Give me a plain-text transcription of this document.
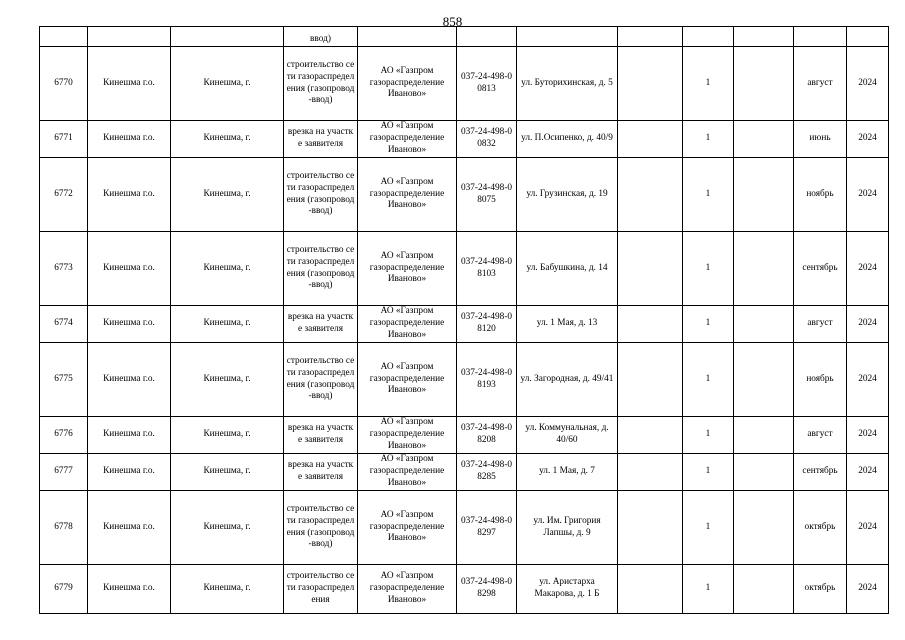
858

			ввод)								

6770	Кинешма г.о.	Кинешма, г.	строительство сети газораспределения (газопровод-ввод)	АО «Газпром газораспределение Иваново»	037-24-498-00813	ул. Буторихинская, д. 5		1		август	2024
6771	Кинешма г.о.	Кинешма, г.	врезка на участке заявителя	АО «Газпром газораспределение Иваново»	037-24-498-00832	ул. П.Осипенко, д. 40/9		1		июнь	2024
6772	Кинешма г.о.	Кинешма, г.	строительство сети газораспределения (газопровод-ввод)	АО «Газпром газораспределение Иваново»	037-24-498-08075	ул. Грузинская, д. 19		1		ноябрь	2024
6773	Кинешма г.о.	Кинешма, г.	строительство сети газораспределения (газопровод-ввод)	АО «Газпром газораспределение Иваново»	037-24-498-08103	ул. Бабушкина, д. 14		1		сентябрь	2024
6774	Кинешма г.о.	Кинешма, г.	врезка на участке заявителя	АО «Газпром газораспределение Иваново»	037-24-498-08120	ул. 1 Мая, д. 13		1		август	2024
6775	Кинешма г.о.	Кинешма, г.	строительство сети газораспределения (газопровод-ввод)	АО «Газпром газораспределение Иваново»	037-24-498-08193	ул. Загородная, д. 49/41		1		ноябрь	2024
6776	Кинешма г.о.	Кинешма, г.	врезка на участке заявителя	АО «Газпром газораспределение Иваново»	037-24-498-08208	ул. Коммунальная, д. 40/60		1		август	2024
6777	Кинешма г.о.	Кинешма, г.	врезка на участке заявителя	АО «Газпром газораспределение Иваново»	037-24-498-08285	ул. 1 Мая, д. 7		1		сентябрь	2024
6778	Кинешма г.о.	Кинешма, г.	строительство сети газораспределения (газопровод-ввод)	АО «Газпром газораспределение Иваново»	037-24-498-08297	ул. Им. Григория Лапшы, д. 9		1		октябрь	2024
6779	Кинешма г.о.	Кинешма, г.	строительство сети газораспределения	АО «Газпром газораспределение Иваново»	037-24-498-08298	ул. Аристарха Макарова, д. 1 Б		1		октябрь	2024
